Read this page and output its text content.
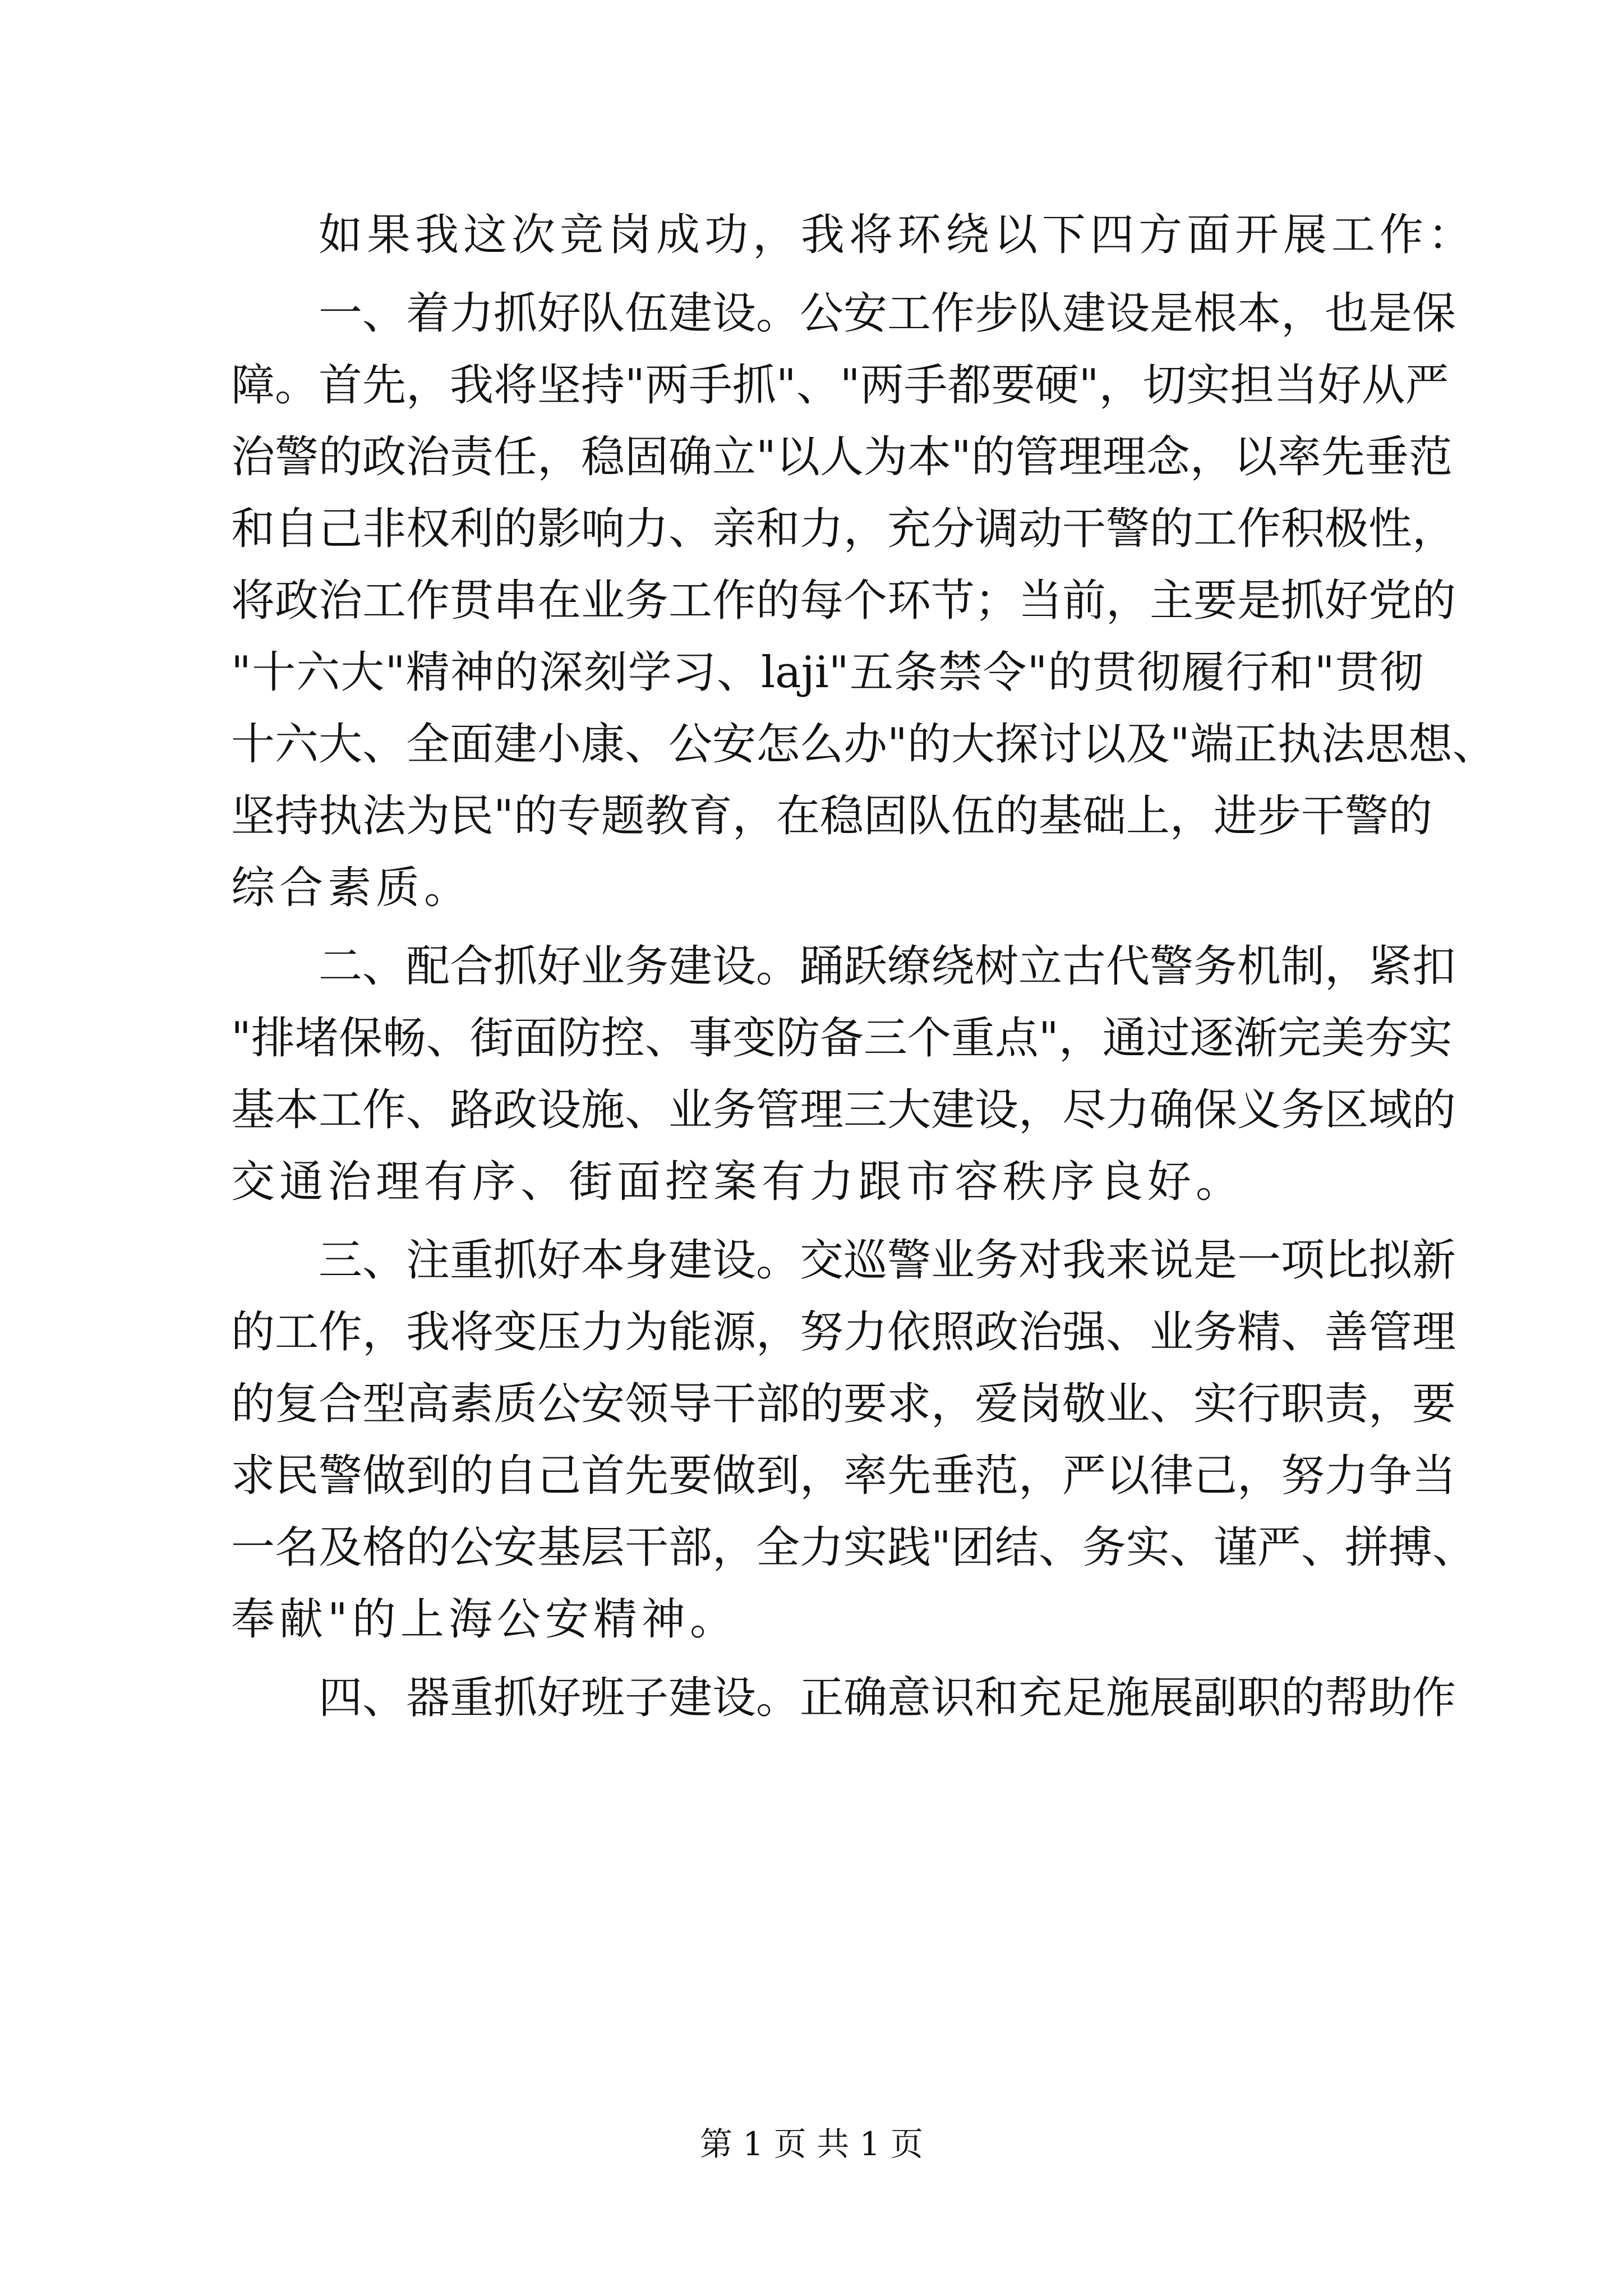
如果我这次竞岗成功，我将环绕以下四方面开展工作：
一、着力抓好队伍建设。公安工作步队建设是根本，也是保
障。首先，我将坚持"两手抓"、"两手都要硬"，切实担当好从严
治警的政治责任，稳固确立"以人为本"的管理理念，以率先垂范
和自己非权利的影响力、亲和力，充分调动干警的工作积极性，
将政治工作贯串在业务工作的每个环节；当前，主要是抓好党的
"十六大"精神的深刻学习、laji"五条禁令"的贯彻履行和"贯彻
十六大、全面建小康、公安怎么办"的大探讨以及"端正执法思想、
坚持执法为民"的专题教育，在稳固队伍的基础上，进步干警的
综合素质。
二、配合抓好业务建设。踊跃缭绕树立古代警务机制，紧扣
"排堵保畅、街面防控、事变防备三个重点"，通过逐渐完美夯实
基本工作、路政设施、业务管理三大建设，尽力确保义务区域的
交通治理有序、街面控案有力跟市容秩序良好。
三、注重抓好本身建设。交巡警业务对我来说是一项比拟新
的工作，我将变压力为能源，努力依照政治强、业务精、善管理
的复合型高素质公安领导干部的要求，爱岗敬业、实行职责，要
求民警做到的自己首先要做到，率先垂范，严以律己，努力争当
一名及格的公安基层干部，全力实践"团结、务实、谨严、拼搏、
奉献"的上海公安精神。
四、器重抓好班子建设。正确意识和充足施展副职的帮助作
第 1 页 共 1 页
